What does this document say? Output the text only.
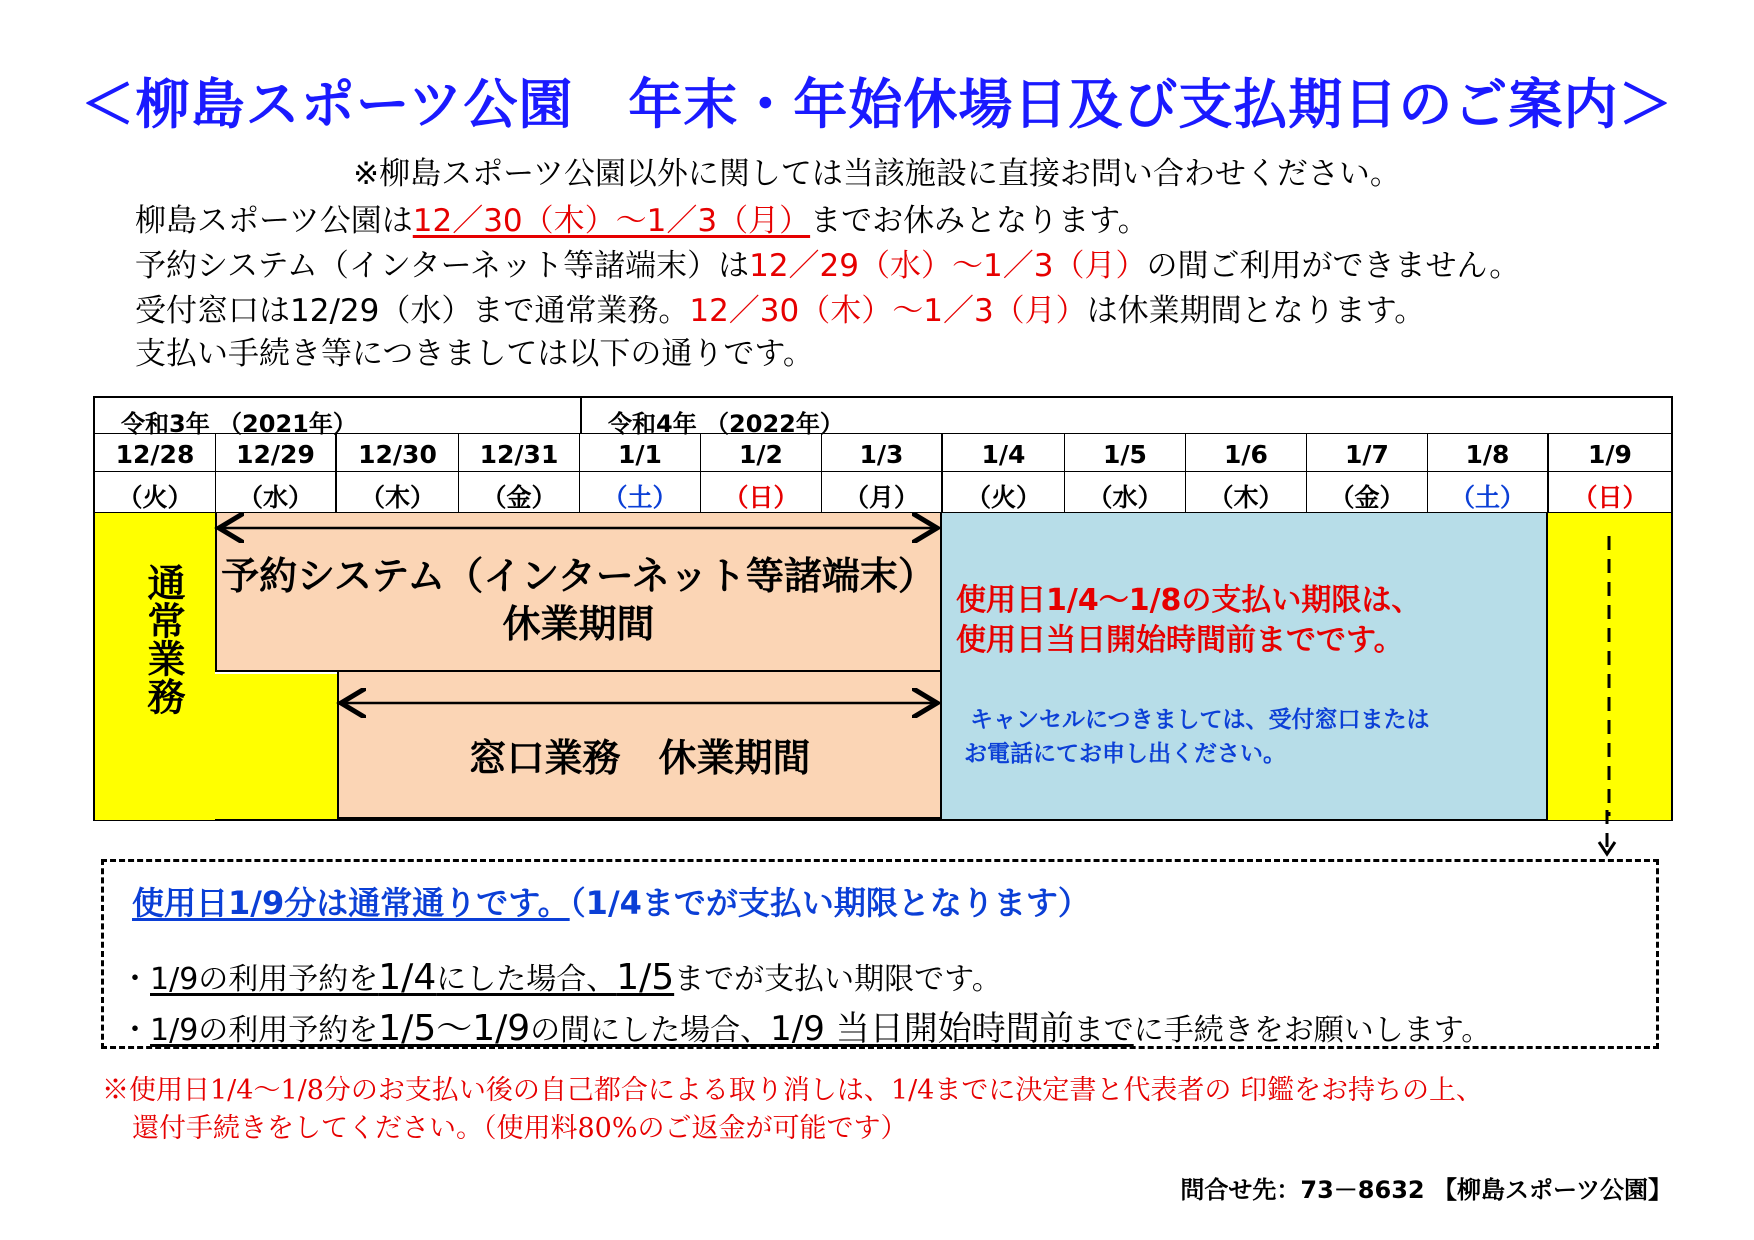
＜柳島スポーツ公園　年末・年始休場日及び支払期日のご案内＞
※柳島スポーツ公園以外に関しては当該施設に直接お問い合わせください。
柳島スポーツ公園は12／30（木）～1／3（月）までお休みとなります。
予約システム（インターネット等諸端末）は12／29（水）～1／3（月）の間ご利用ができません。
受付窓口は12/29（水）まで通常業務。12／30（木）～1／3（月）は休業期間となります。
支払い手続き等につきましては以下の通りです。
令和3年 （2021年）	令和4年 （2022年）
通常業務 予約システム（インターネット等諸端末）
休業期間
窓口業務　休業期間
使用日1/4～1/8の支払い期限は、
使用日当日開始時間前までです。
キャンセルにつきましては、受付窓口または
お電話にてお申し出ください。
12/28
（火）
12/29
（水）
12/30
（木）
12/31
（金）
1/1
（土）
1/2
（日）
1/3
（月）
1/4
（火）
1/5
（水）
1/6
（木）
1/7
（金）
1/8
（土）
1/9
（日）
使用日1/9分は通常通りです。（1/4までが支払い期限となります）
・1/9の利用予約を1/4にした場合、1/5までが支払い期限です。
・1/9の利用予約を1/5～1/9の間にした場合、1/9 当日開始時間前までに手続きをお願いします。
※使用日1/4～1/8分のお支払い後の自己都合による取り消しは、1/4までに決定書と代表者の 印鑑をお持ちの上、
還付手続きをしてください。（使用料80%のご返金が可能です）
問合せ先：73－8632 【柳島スポーツ公園】
